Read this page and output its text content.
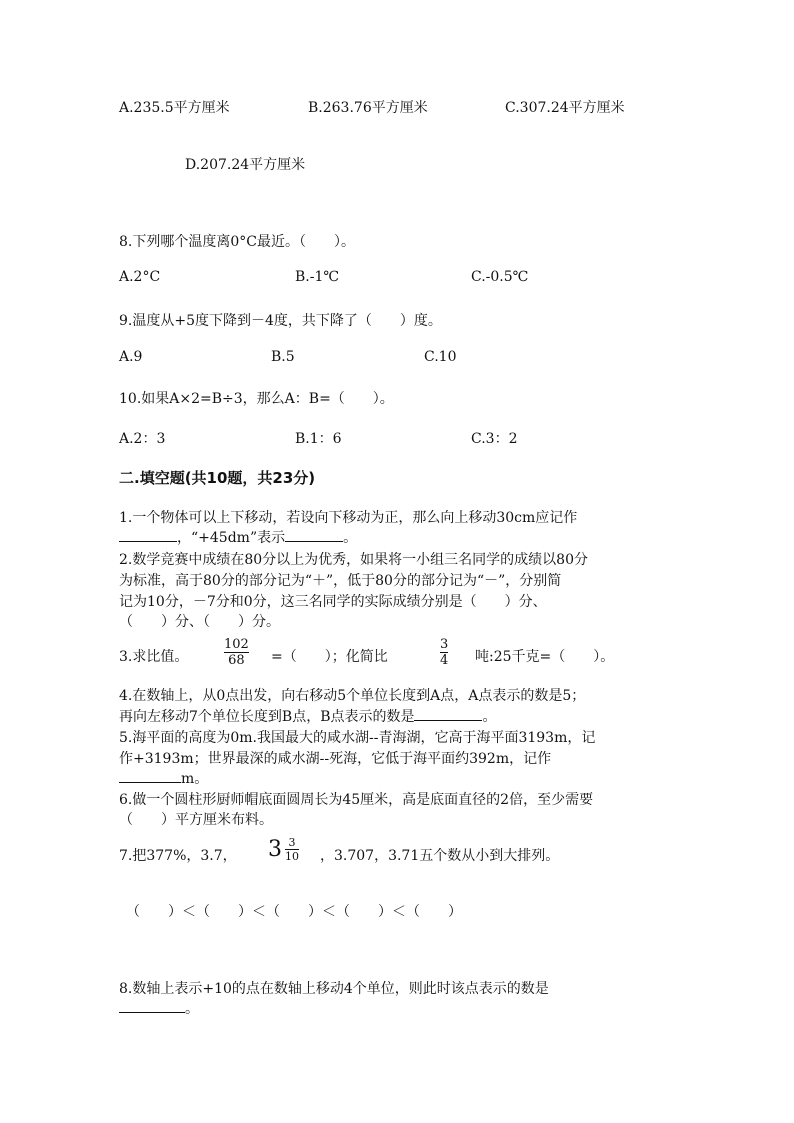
A.235.5平方厘米	B.263.76平方厘米	C.307.24平方厘米
D.207.24平方厘米
8.下列哪个温度离0°C最近。（　　）。
A.2°C	B.-1℃	C.-0.5℃
9.温度从+5度下降到－4度，共下降了（　　）度。
A.9	B.5	C.10
10.如果A×2=B÷3，那么A：B=（　　）。
A.2：3	B.1：6	C.3：2
二.填空题(共10题，共23分)
1.一个物体可以上下移动，若设向下移动为正，那么向上移动30cm应记作
，“+45dm”表示	。
2.数学竞赛中成绩在80分以上为优秀，如果将一小组三名同学的成绩以80分
为标准，高于80分的部分记为“＋”，低于80分的部分记为“－”，分别简
记为10分，－7分和0分，这三名同学的实际成绩分别是（　　）分、
（　　）分、（　　）分。
3.求比值。
102
68 =（　　）；化简比
3
4 吨:25千克=（　　）。
4.在数轴上，从0点出发，向右移动5个单位长度到A点，A点表示的数是5；
再向左移动7个单位长度到B点，B点表示的数是	。
5.海平面的高度为0m.我国最大的咸水湖--青海湖，它高于海平面3193m，记
作+3193m；世界最深的咸水湖--死海，它低于海平面约392m，记作
m。
6.做一个圆柱形厨师帽底面圆周长为45厘米，高是底面直径的2倍，至少需要
（　　）平方厘米布料。
7.把377%，3.7， $3 \frac{3}{10}$ ，3.707，3.71五个数从小到大排列。
（　　）＜（　　）＜（　　）＜（　　）＜（　　）
8.数轴上表示+10的点在数轴上移动4个单位，则此时该点表示的数是
。
